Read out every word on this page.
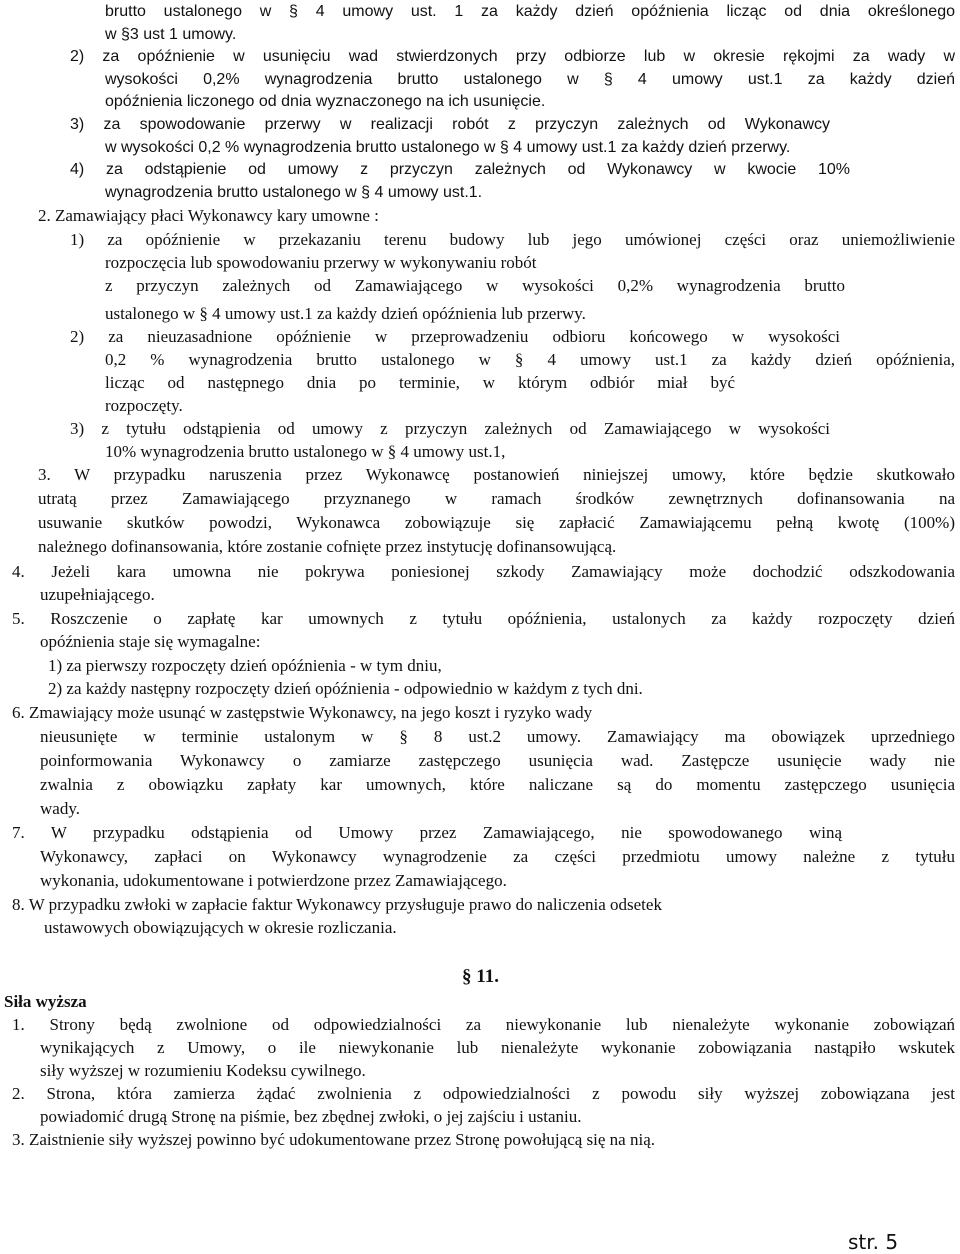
brutto ustalonego w § 4 umowy ust. 1 za każdy dzień opóźnienia licząc od dnia określonego
w §3 ust 1 umowy.
2) za opóźnienie w usunięciu wad stwierdzonych przy odbiorze lub w okresie rękojmi za wady w
wysokości 0,2% wynagrodzenia brutto ustalonego w § 4 umowy ust.1 za każdy dzień
opóźnienia liczonego od dnia wyznaczonego na ich usunięcie.
3) za spowodowanie przerwy w realizacji robót z przyczyn zależnych od Wykonawcy
w wysokości 0,2 % wynagrodzenia brutto ustalonego w § 4 umowy ust.1 za każdy dzień przerwy.
4) za odstąpienie od umowy z przyczyn zależnych od Wykonawcy w kwocie 10%
wynagrodzenia brutto ustalonego w § 4 umowy ust.1.
2. Zamawiający płaci Wykonawcy kary umowne :
1) za opóźnienie w przekazaniu terenu budowy lub jego umówionej części oraz uniemożliwienie
rozpoczęcia lub spowodowaniu przerwy w wykonywaniu robót
z przyczyn zależnych od Zamawiającego w wysokości 0,2% wynagrodzenia brutto
ustalonego w § 4 umowy ust.1 za każdy dzień opóźnienia lub przerwy.
2) za nieuzasadnione opóźnienie w przeprowadzeniu odbioru końcowego w wysokości
0,2 % wynagrodzenia brutto ustalonego w § 4 umowy ust.1 za każdy dzień opóźnienia,
licząc od następnego dnia po terminie, w którym odbiór miał być
rozpoczęty.
3) z tytułu odstąpienia od umowy z przyczyn zależnych od Zamawiającego w wysokości
10% wynagrodzenia brutto ustalonego w § 4 umowy ust.1,
3. W przypadku naruszenia przez Wykonawcę postanowień niniejszej umowy, które będzie skutkowało
utratą przez Zamawiającego przyznanego w ramach środków zewnętrznych dofinansowania na
usuwanie skutków powodzi, Wykonawca zobowiązuje się zapłacić Zamawiającemu pełną kwotę (100%)
należnego dofinansowania, które zostanie cofnięte przez instytucję dofinansowującą.
4. Jeżeli kara umowna nie pokrywa poniesionej szkody Zamawiający może dochodzić odszkodowania
uzupełniającego.
5. Roszczenie o zapłatę kar umownych z tytułu opóźnienia, ustalonych za każdy rozpoczęty dzień
opóźnienia staje się wymagalne:
1) za pierwszy rozpoczęty dzień opóźnienia - w tym dniu,
2) za każdy następny rozpoczęty dzień opóźnienia - odpowiednio w każdym z tych dni.
6. Zmawiający może usunąć w zastępstwie Wykonawcy, na jego koszt i ryzyko wady
nieusunięte w terminie ustalonym w § 8 ust.2 umowy. Zamawiający ma obowiązek uprzedniego
poinformowania Wykonawcy o zamiarze zastępczego usunięcia wad. Zastępcze usunięcie wady nie
zwalnia z obowiązku zapłaty kar umownych, które naliczane są do momentu zastępczego usunięcia
wady.
7. W przypadku odstąpienia od Umowy przez Zamawiającego, nie spowodowanego winą
Wykonawcy, zapłaci on Wykonawcy wynagrodzenie za części przedmiotu umowy należne z tytułu
wykonania, udokumentowane i potwierdzone przez Zamawiającego.
8. W przypadku zwłoki w zapłacie faktur Wykonawcy przysługuje prawo do naliczenia odsetek
ustawowych obowiązujących w okresie rozliczania.
§ 11.
Siła wyższa
1. Strony będą zwolnione od odpowiedzialności za niewykonanie lub nienależyte wykonanie zobowiązań
wynikających z Umowy, o ile niewykonanie lub nienależyte wykonanie zobowiązania nastąpiło wskutek
siły wyższej w rozumieniu Kodeksu cywilnego.
2. Strona, która zamierza żądać zwolnienia z odpowiedzialności z powodu siły wyższej zobowiązana jest
powiadomić drugą Stronę na piśmie, bez zbędnej zwłoki, o jej zajściu i ustaniu.
3. Zaistnienie siły wyższej powinno być udokumentowane przez Stronę powołującą się na nią.
str. 5
